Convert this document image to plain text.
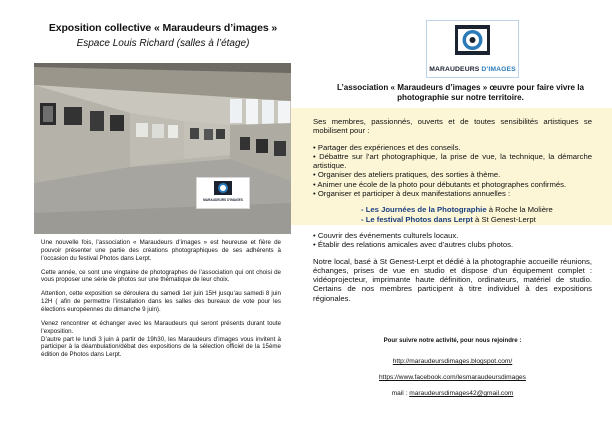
Exposition collective « Maraudeurs d’images »
Espace Louis Richard (salles à l’étage)
MARAUDEURS D’IMAGES

Une nouvelle fois, l’association « Maraudeurs d’images » est heureuse et fière de pouvoir présenter une partie des créations photographiques de ses adhérents à l’occasion du festival Photos dans Lerpt.

Cette année, ce sont une vingtaine de photographes de l’association qui ont choisi de vous proposer une série de photos sur une thématique de leur choix.

Attention, cette exposition se déroulera du samedi 1er juin 15H jusqu’au samedi 8 juin 12H ( afin de permettre l’installation dans les salles des bureaux de vote pour les élections européennes du dimanche 9 juin).

Venez rencontrer et échanger avec les Maraudeurs qui seront présents durant toute l’exposition.

D’autre part le lundi 3 juin à partir de 19h30, les Maraudeurs d’images vous invitent à participer à la déambulation/débat des expositions de la sélection officiel de la 15ème édition de Photos dans Lerpt.

MARAUDEURS D’IMAGES
L’association « Maraudeurs d’images » œuvre pour faire vivre la photographie sur notre territoire.

Ses membres, passionnés, ouverts et de toutes sensibilités artistiques se mobilisent pour :

• Partager des expériences et des conseils.

• Débattre sur l’art photographique, la prise de vue, la technique, la démarche artistique.

• Organiser des ateliers pratiques, des sorties à thème.

• Animer une école de la photo pour débutants et photographes confirmés.

• Organiser et participer à deux manifestations annuelles :

- Les Journées de la Photographie à Roche la Molière

- Le festival Photos dans Lerpt à St Genest-Lerpt

• Couvrir des événements culturels locaux.

• Établir des relations amicales avec d’autres clubs photos.

Notre local, basé à St Genest-Lerpt et dédié à la photographie accueille réunions, échanges, prises de vue en studio et dispose d’un équipement complet : vidéoprojecteur, imprimante haute définition, ordinateurs, matériel de studio. Certains de nos membres participent à titre individuel à des expositions régionales.

Pour suivre notre activité, pour nous rejoindre :
http://maraudeursdimages.blogspot.com/
https://www.facebook.com/lesmaraudeursdimages
mail : maraudeursdimages42@gmail.com
